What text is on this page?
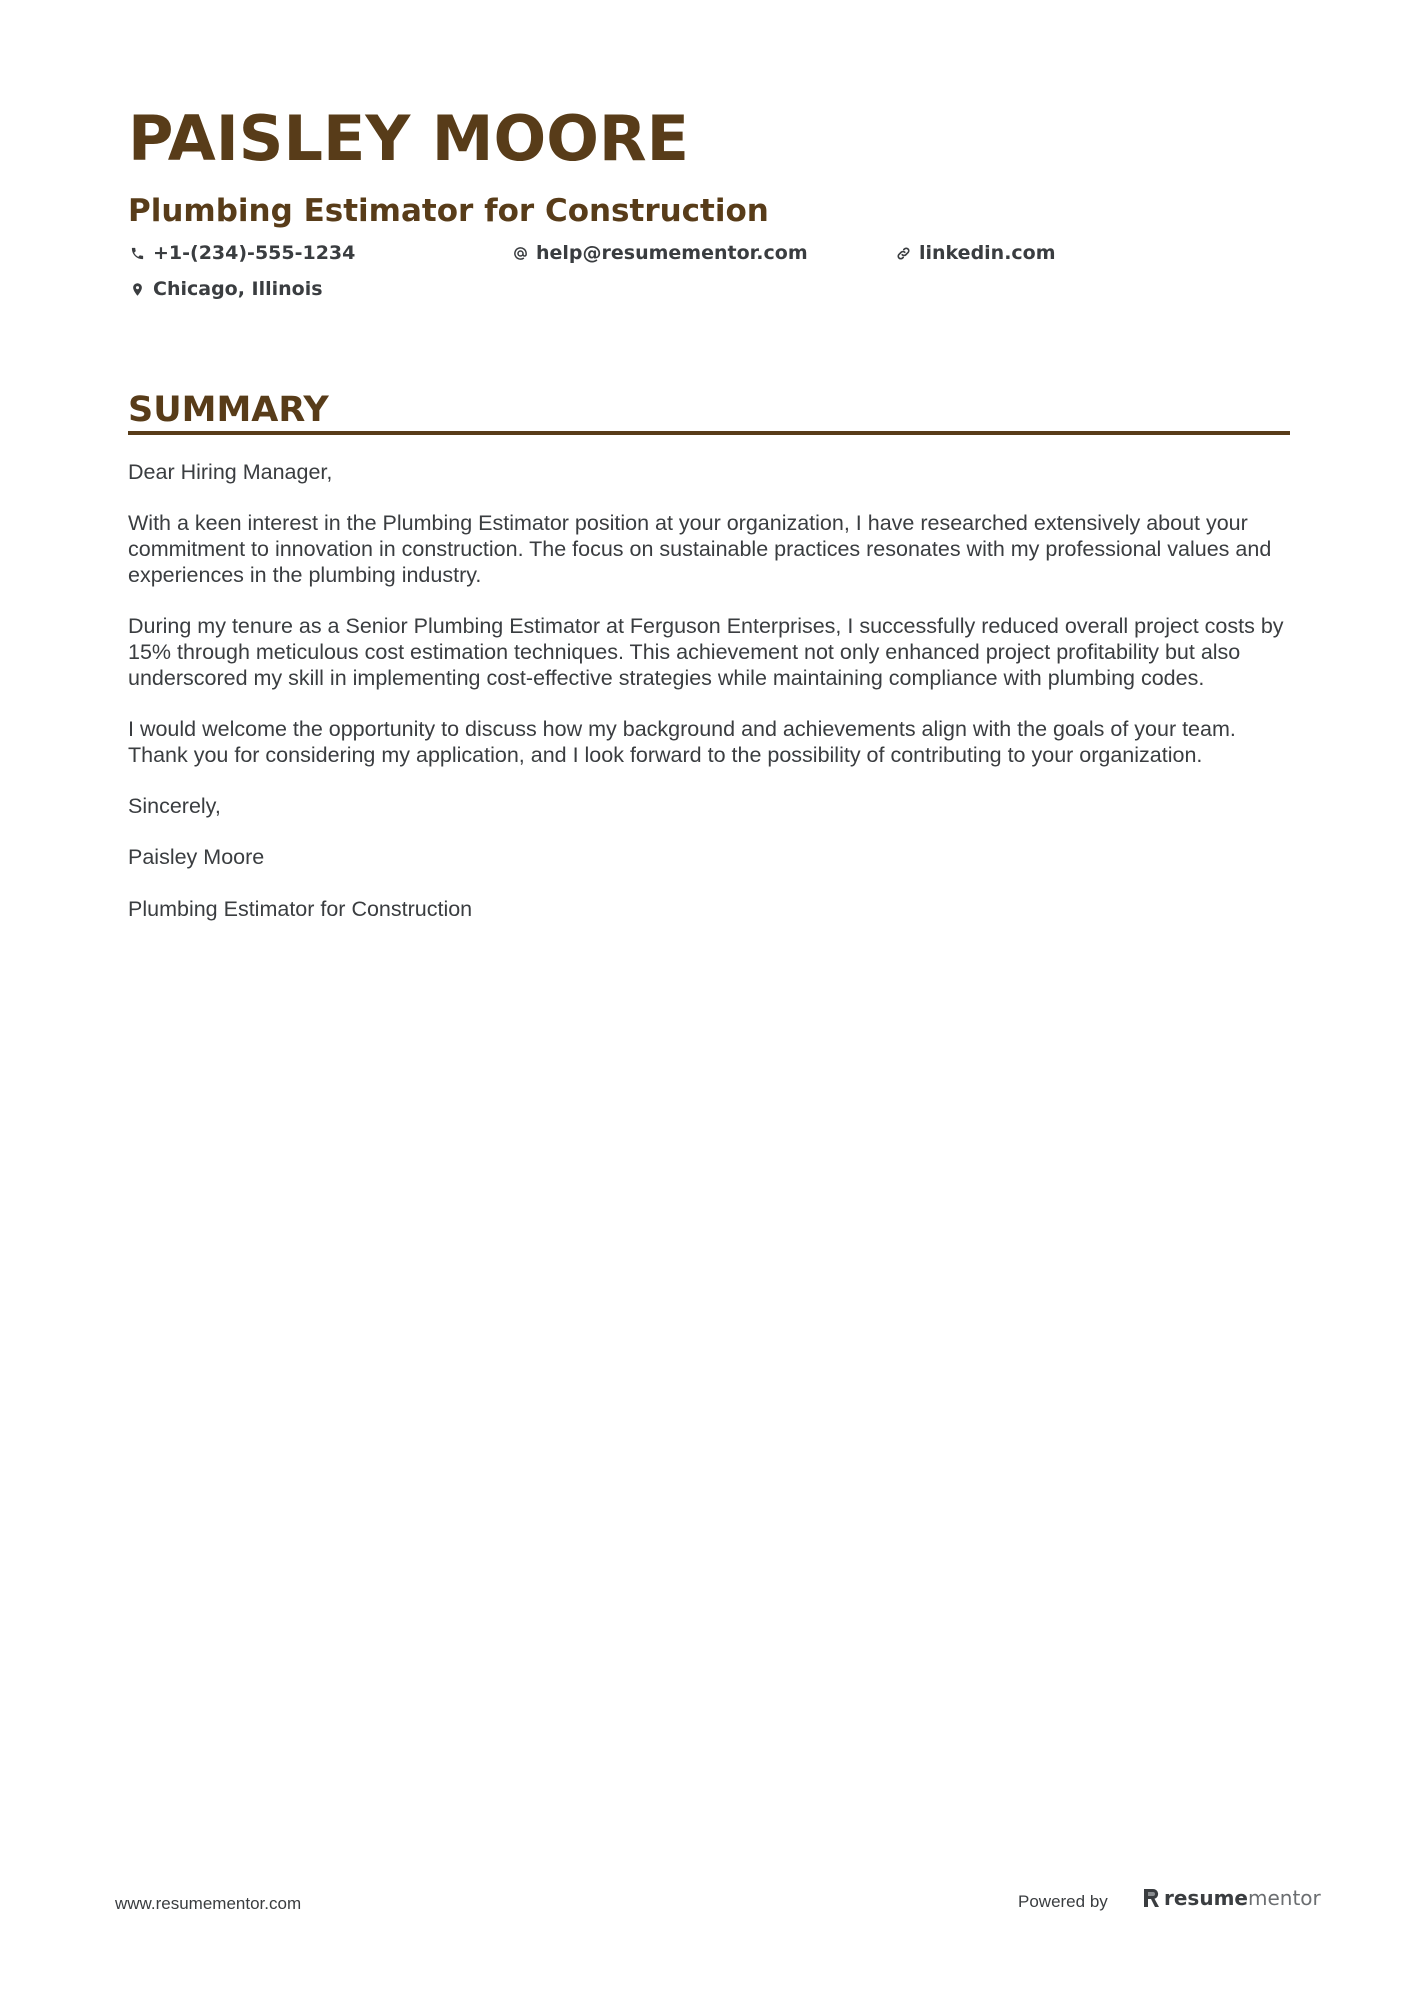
PAISLEY MOORE
Plumbing Estimator for Construction
+1-(234)-555-1234	help@resumementor.com	linkedin.com
Chicago, Illinois
SUMMARY

Dear Hiring Manager,

With a keen interest in the Plumbing Estimator position at your organization, I have researched extensively about your commitment to innovation in construction. The focus on sustainable practices resonates with my professional values and experiences in the plumbing industry.

During my tenure as a Senior Plumbing Estimator at Ferguson Enterprises, I successfully reduced overall project costs by 15% through meticulous cost estimation techniques. This achievement not only enhanced project profitability but also underscored my skill in implementing cost-effective strategies while maintaining compliance with plumbing codes.

I would welcome the opportunity to discuss how my background and achievements align with the goals of your team. Thank you for considering my application, and I look forward to the possibility of contributing to your organization.

Sincerely,

Paisley Moore

Plumbing Estimator for Construction

www.resumementor.com	Powered by	resume mentor
